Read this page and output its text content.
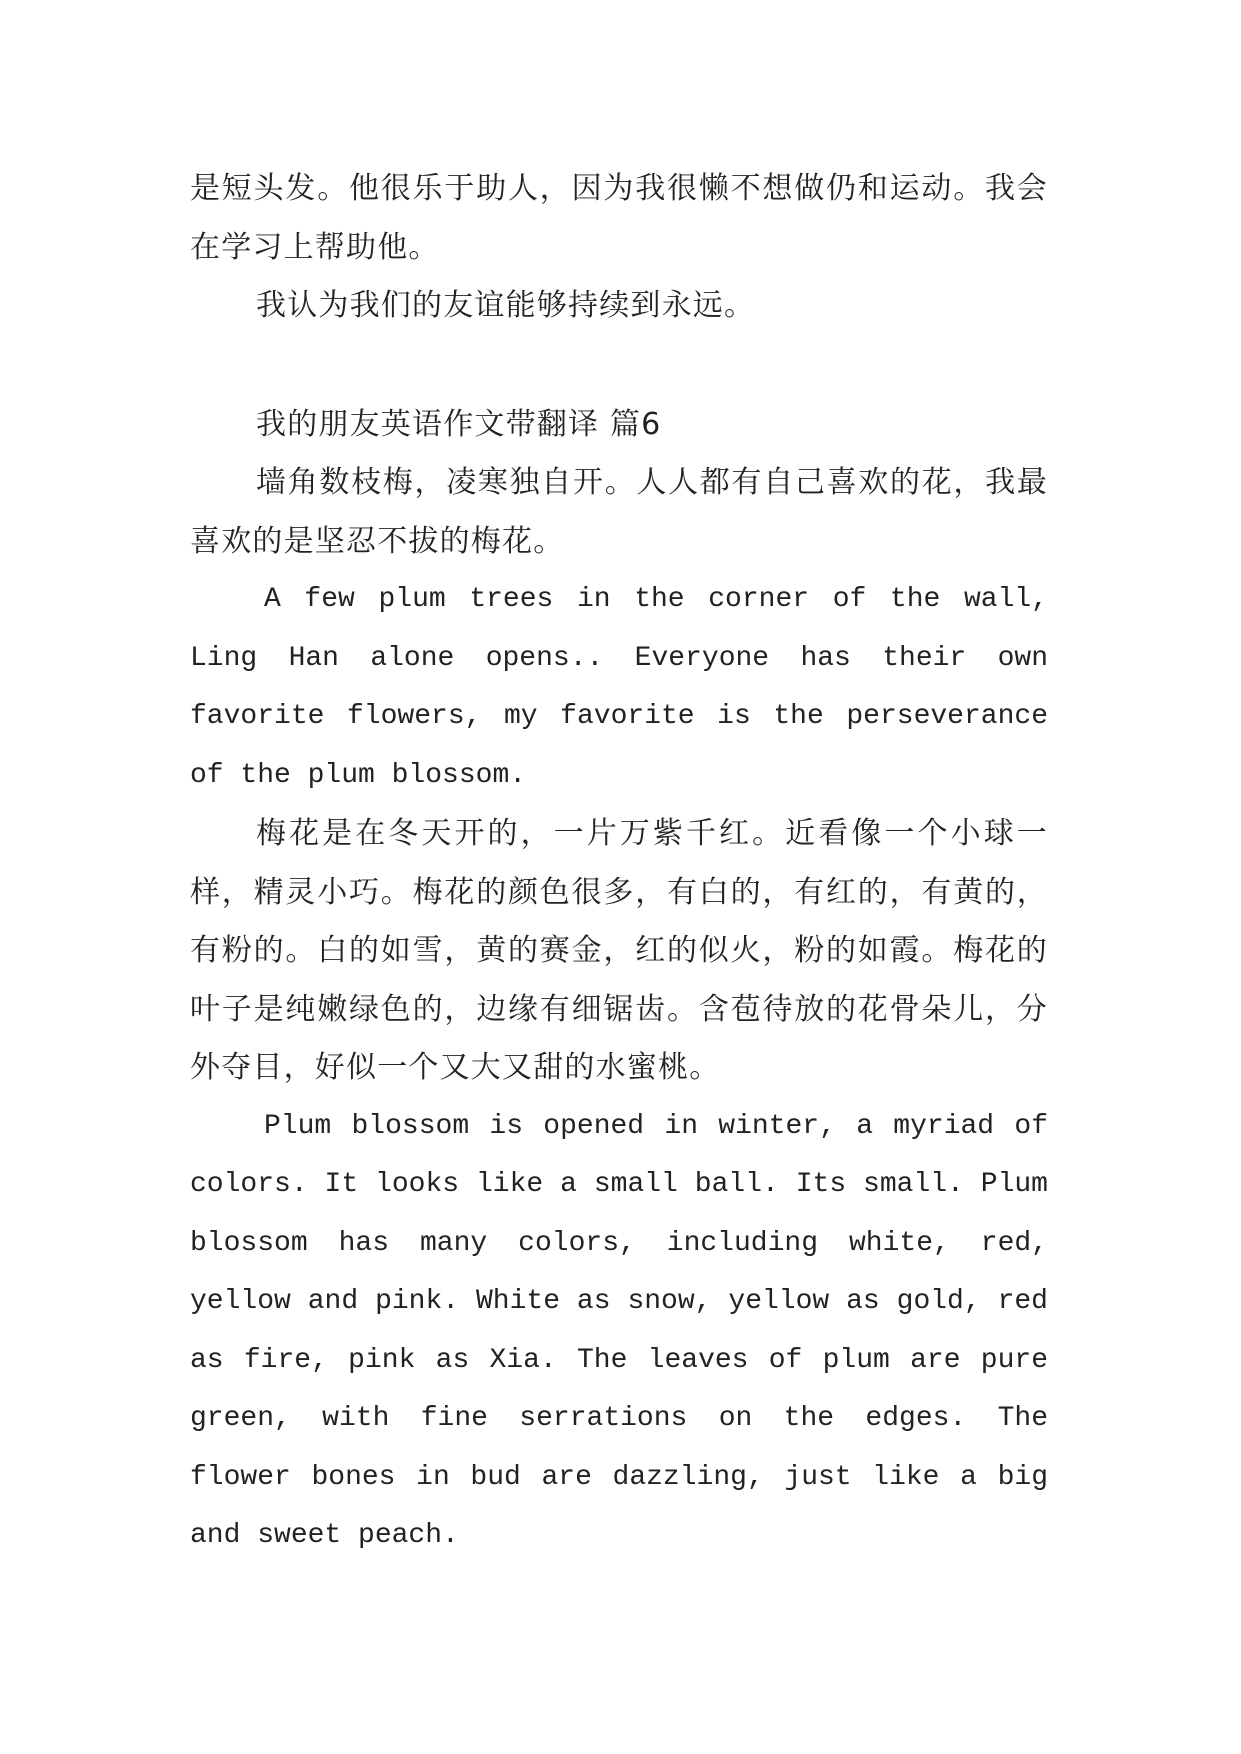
是短头发。他很乐于助人，因为我很懒不想做仍和运动。我会在学习上帮助他。

我认为我们的友谊能够持续到永远。

我的朋友英语作文带翻译 篇6

墙角数枝梅，凌寒独自开。人人都有自己喜欢的花，我最喜欢的是坚忍不拔的梅花。

A few plum trees in the corner of the wall, Ling Han alone opens.. Everyone has their own favorite flowers, my favorite is the perseverance of the plum blossom.

梅花是在冬天开的，一片万紫千红。近看像一个小球一样，精灵小巧。梅花的颜色很多，有白的，有红的，有黄的，有粉的。白的如雪，黄的赛金，红的似火，粉的如霞。梅花的叶子是纯嫩绿色的，边缘有细锯齿。含苞待放的花骨朵儿，分外夺目，好似一个又大又甜的水蜜桃。

Plum blossom is opened in winter, a myriad of colors. It looks like a small ball. Its small. Plum blossom has many colors, including white, red, yellow and pink. White as snow, yellow as gold, red as fire, pink as Xia. The leaves of plum are pure green, with fine serrations on the edges. The flower bones in bud are dazzling, just like a big and sweet peach.
